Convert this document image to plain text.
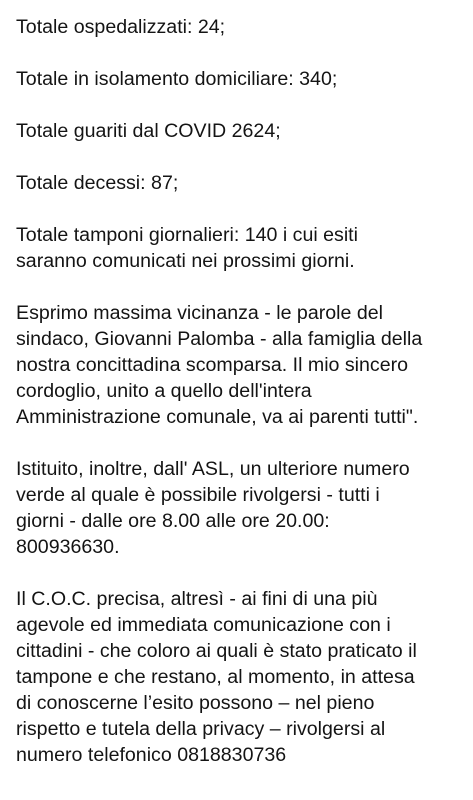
Totale ospedalizzati: 24;

Totale in isolamento domiciliare: 340;

Totale guariti dal COVID 2624;

Totale decessi: 87;

Totale tamponi giornalieri: 140 i cui esiti
saranno comunicati nei prossimi giorni.

Esprimo massima vicinanza - le parole del
sindaco, Giovanni Palomba - alla famiglia della
nostra concittadina scomparsa. Il mio sincero
cordoglio, unito a quello dell'intera
Amministrazione comunale, va ai parenti tutti".

Istituito, inoltre, dall' ASL, un ulteriore numero
verde al quale è possibile rivolgersi - tutti i
giorni - dalle ore 8.00 alle ore 20.00:
800936630.

Il C.O.C. precisa, altresì - ai fini di una più
agevole ed immediata comunicazione con i
cittadini - che coloro ai quali è stato praticato il
tampone e che restano, al momento, in attesa
di conoscerne l’esito possono – nel pieno
rispetto e tutela della privacy – rivolgersi al
numero telefonico 0818830736
